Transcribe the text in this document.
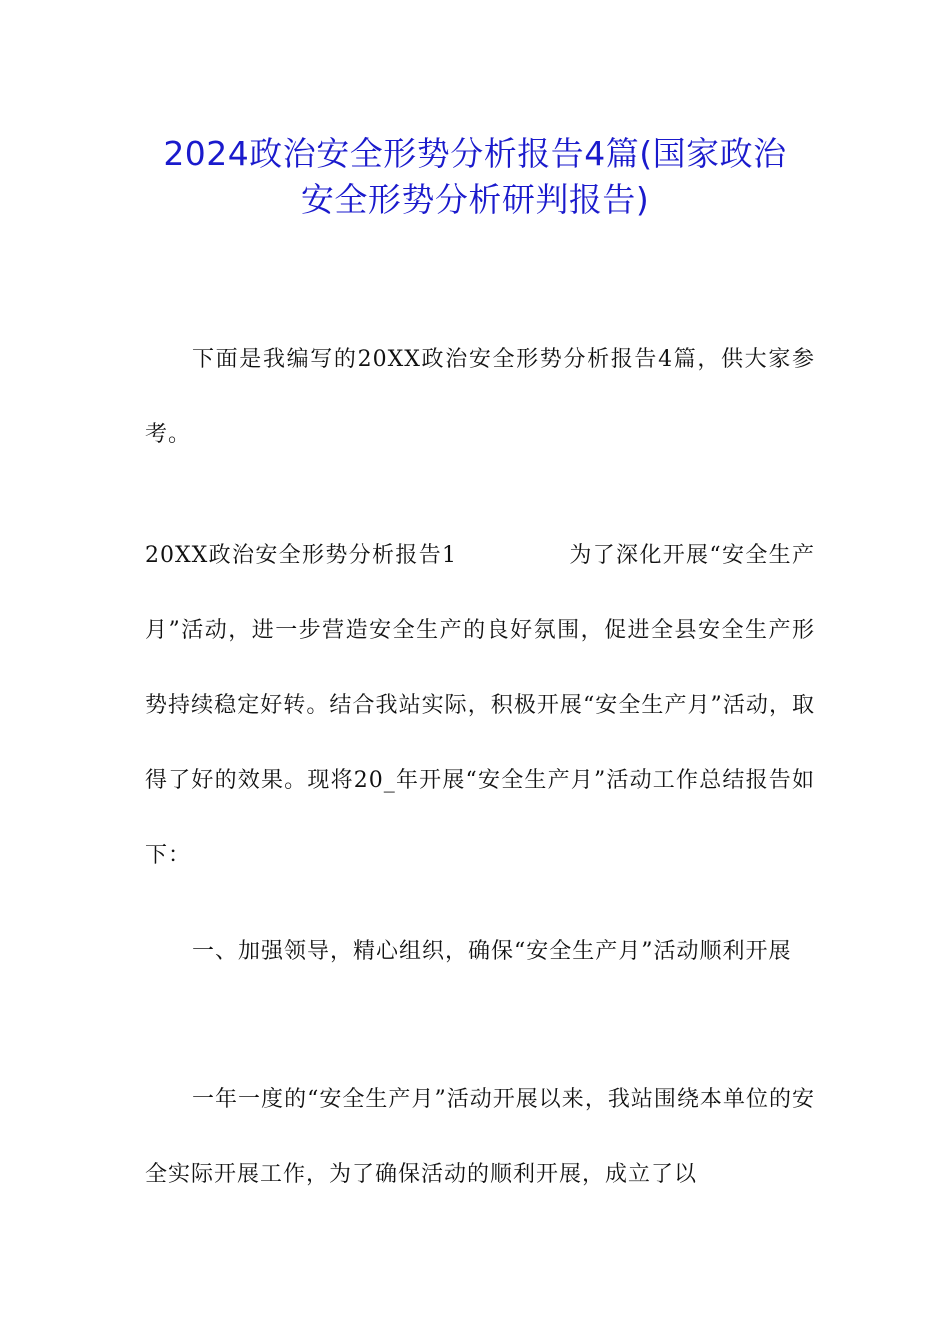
2024政治安全形势分析报告4篇(国家政治
安全形势分析研判报告)
下面是我编写的20XX政治安全形势分析报告4篇，供大家参考。
20XX政治安全形势分析报告1	为了深化开展“安全生产月”活动，进一步营造安全生产的良好氛围，促进全县安全生产形势持续稳定好转。结合我站实际，积极开展“安全生产月”活动，取得了好的效果。现将20_年开展“安全生产月”活动工作总结报告如下：
一、加强领导，精心组织，确保“安全生产月”活动顺利开展
一年一度的“安全生产月”活动开展以来，我站围绕本单位的安全实际开展工作，为了确保活动的顺利开展，成立了以
